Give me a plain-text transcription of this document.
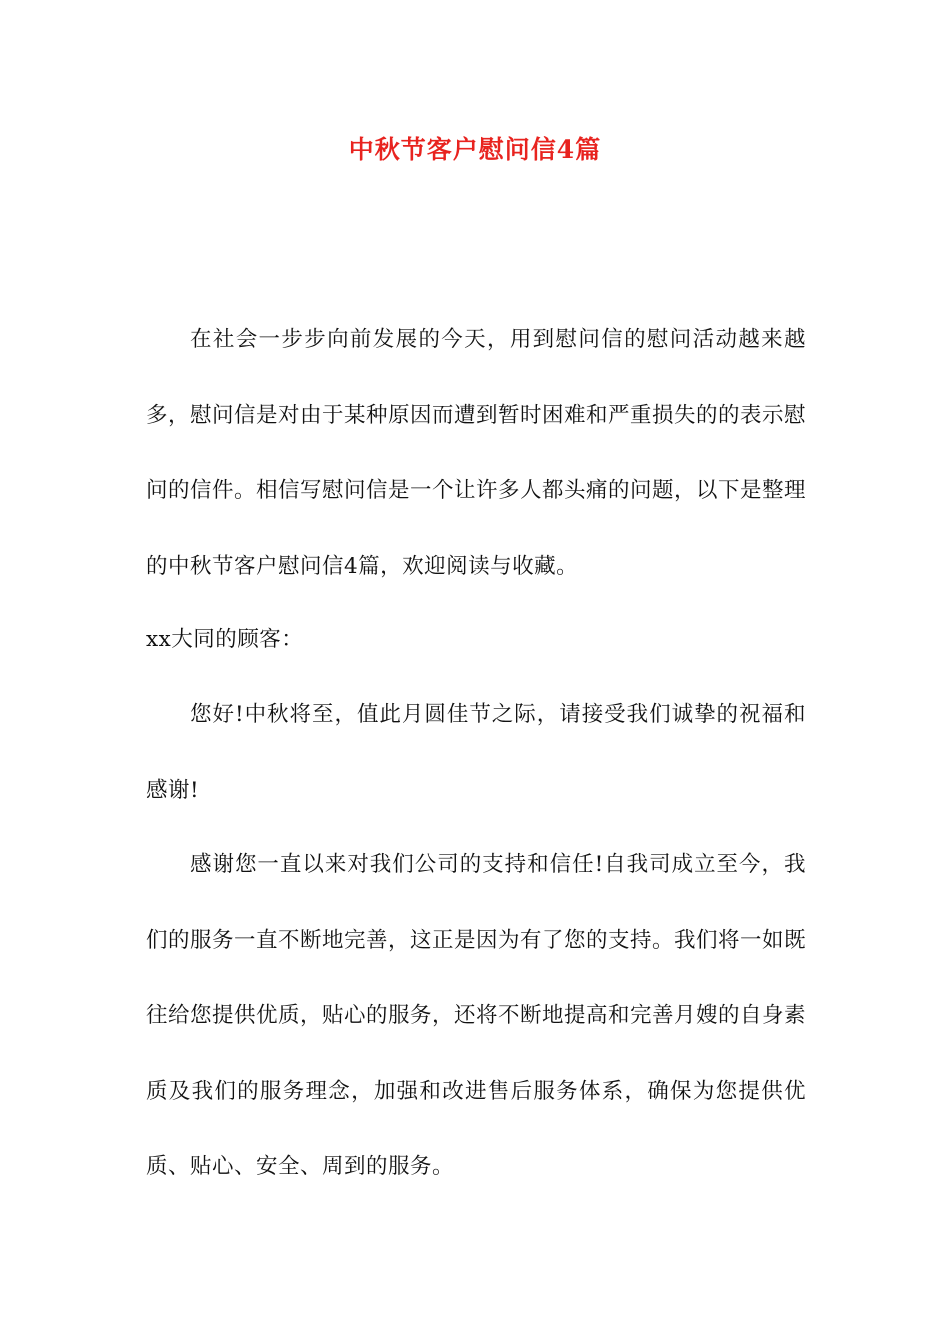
中秋节客户慰问信4篇
在社会一步步向前发展的今天，用到慰问信的慰问活动越来越多，慰问信是对由于某种原因而遭到暂时困难和严重损失的的表示慰问的信件。相信写慰问信是一个让许多人都头痛的问题，以下是整理的中秋节客户慰问信4篇，欢迎阅读与收藏。
xx大同的顾客：
您好!中秋将至，值此月圆佳节之际，请接受我们诚挚的祝福和感谢!
感谢您一直以来对我们公司的支持和信任!自我司成立至今，我们的服务一直不断地完善，这正是因为有了您的支持。我们将一如既往给您提供优质，贴心的服务，还将不断地提高和完善月嫂的自身素质及我们的服务理念，加强和改进售后服务体系，确保为您提供优质、贴心、安全、周到的服务。
